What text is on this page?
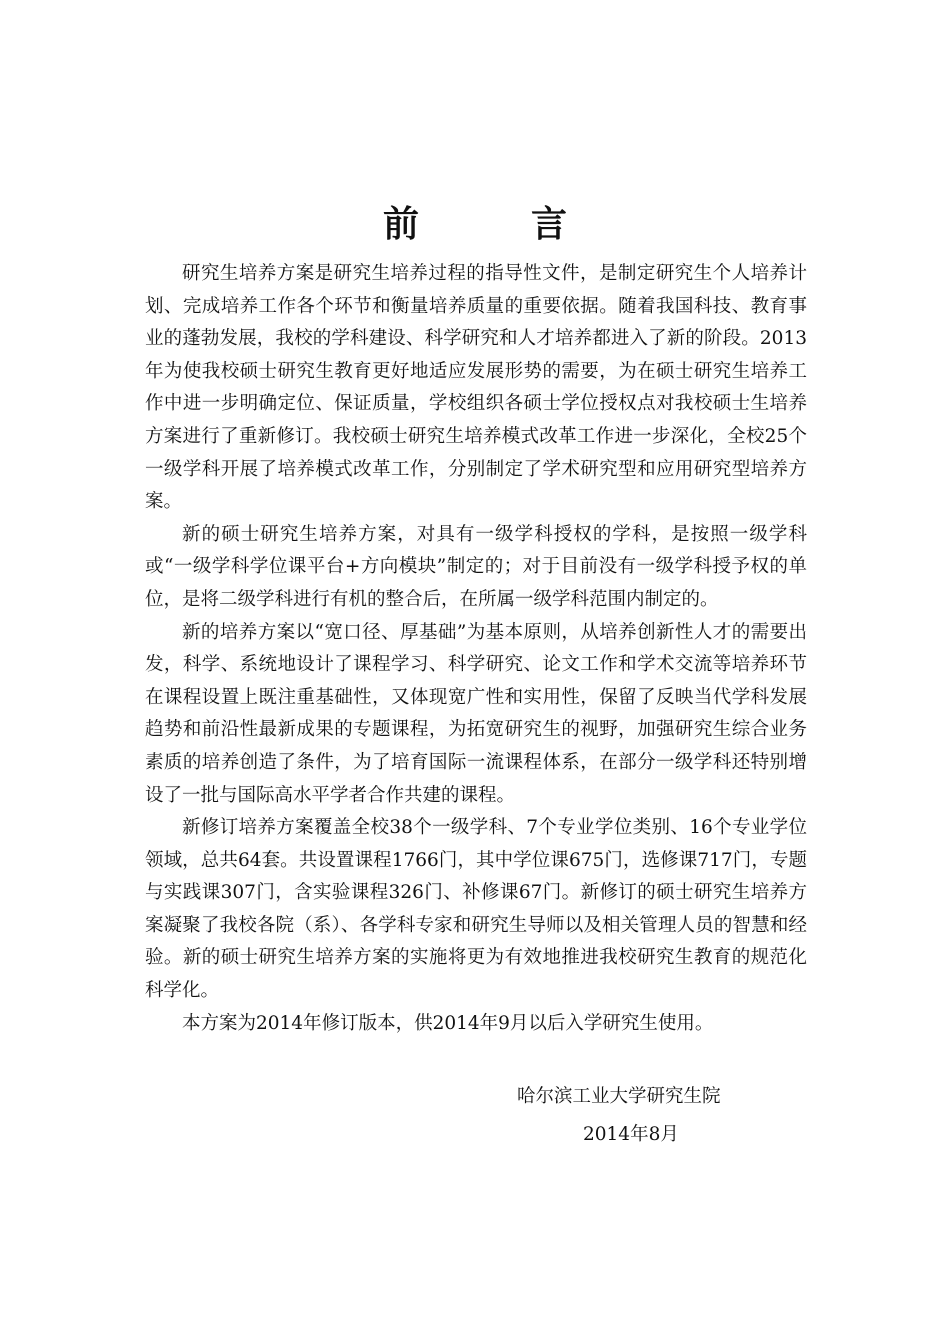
前　言

研究生培养方案是研究生培养过程的指导性文件，是制定研究生个人培养计划、完成培养工作各个环节和衡量培养质量的重要依据。随着我国科技、教育事业的蓬勃发展，我校的学科建设、科学研究和人才培养都进入了新的阶段。2013年为使我校硕士研究生教育更好地适应发展形势的需要，为在硕士研究生培养工作中进一步明确定位、保证质量，学校组织各硕士学位授权点对我校硕士生培养方案进行了重新修订。我校硕士研究生培养模式改革工作进一步深化，全校25个一级学科开展了培养模式改革工作，分别制定了学术研究型和应用研究型培养方案。

新的硕士研究生培养方案，对具有一级学科授权的学科，是按照一级学科或“一级学科学位课平台+方向模块”制定的；对于目前没有一级学科授予权的单位，是将二级学科进行有机的整合后，在所属一级学科范围内制定的。

新的培养方案以“宽口径、厚基础”为基本原则，从培养创新性人才的需要出发，科学、系统地设计了课程学习、科学研究、论文工作和学术交流等培养环节在课程设置上既注重基础性，又体现宽广性和实用性，保留了反映当代学科发展趋势和前沿性最新成果的专题课程，为拓宽研究生的视野，加强研究生综合业务素质的培养创造了条件，为了培育国际一流课程体系，在部分一级学科还特别增设了一批与国际高水平学者合作共建的课程。

新修订培养方案覆盖全校38个一级学科、7个专业学位类别、16个专业学位领域，总共64套。共设置课程1766门，其中学位课675门，选修课717门，专题与实践课307门，含实验课程326门、补修课67门。新修订的硕士研究生培养方案凝聚了我校各院（系）、各学科专家和研究生导师以及相关管理人员的智慧和经验。新的硕士研究生培养方案的实施将更为有效地推进我校研究生教育的规范化科学化。

本方案为2014年修订版本，供2014年9月以后入学研究生使用。

哈尔滨工业大学研究生院
2014年8月
